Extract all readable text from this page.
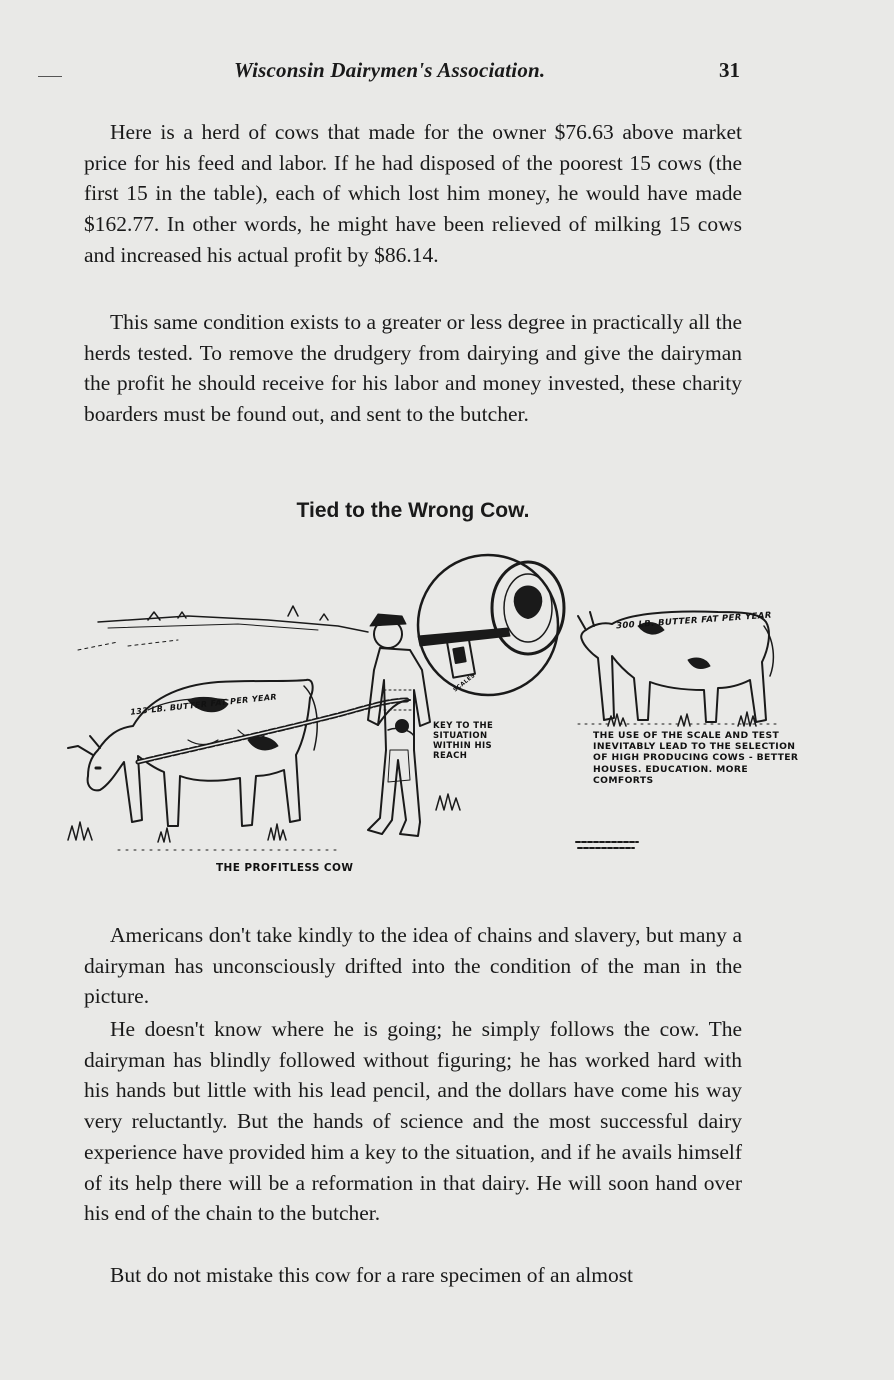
Wisconsin Dairymen's Association.	31

Here is a herd of cows that made for the owner $76.63 above market price for his feed and labor. If he had disposed of the poorest 15 cows (the first 15 in the table), each of which lost him money, he would have made $162.77. In other words, he might have been relieved of milking 15 cows and increased his actual profit by $86.14.

This same condition exists to a greater or less degree in practically all the herds tested. To remove the drudgery from dairying and give the dairyman the profit he should receive for his labor and money invested, these charity boarders must be found out, and sent to the butcher.

Tied to the Wrong Cow.
133 LB. BUTTER FAT PER YEAR
300 LB. BUTTER FAT PER YEAR
SCALES

KEY TO THE SITUATION WITHIN HIS REACH

THE USE OF THE SCALE AND TEST INEVITABLY LEAD TO THE SELECTION OF HIGH PRODUCING COWS - BETTER HOUSES. EDUCATION. MORE COMFORTS

THE PROFITLESS COW

Americans don't take kindly to the idea of chains and slavery, but many a dairyman has unconsciously drifted into the condition of the man in the picture.

He doesn't know where he is going; he simply follows the cow. The dairyman has blindly followed without figuring; he has worked hard with his hands but little with his lead pencil, and the dollars have come his way very reluctantly. But the hands of science and the most successful dairy experience have provided him a key to the situation, and if he avails himself of its help there will be a reformation in that dairy. He will soon hand over his end of the chain to the butcher.

But do not mistake this cow for a rare specimen of an almost
